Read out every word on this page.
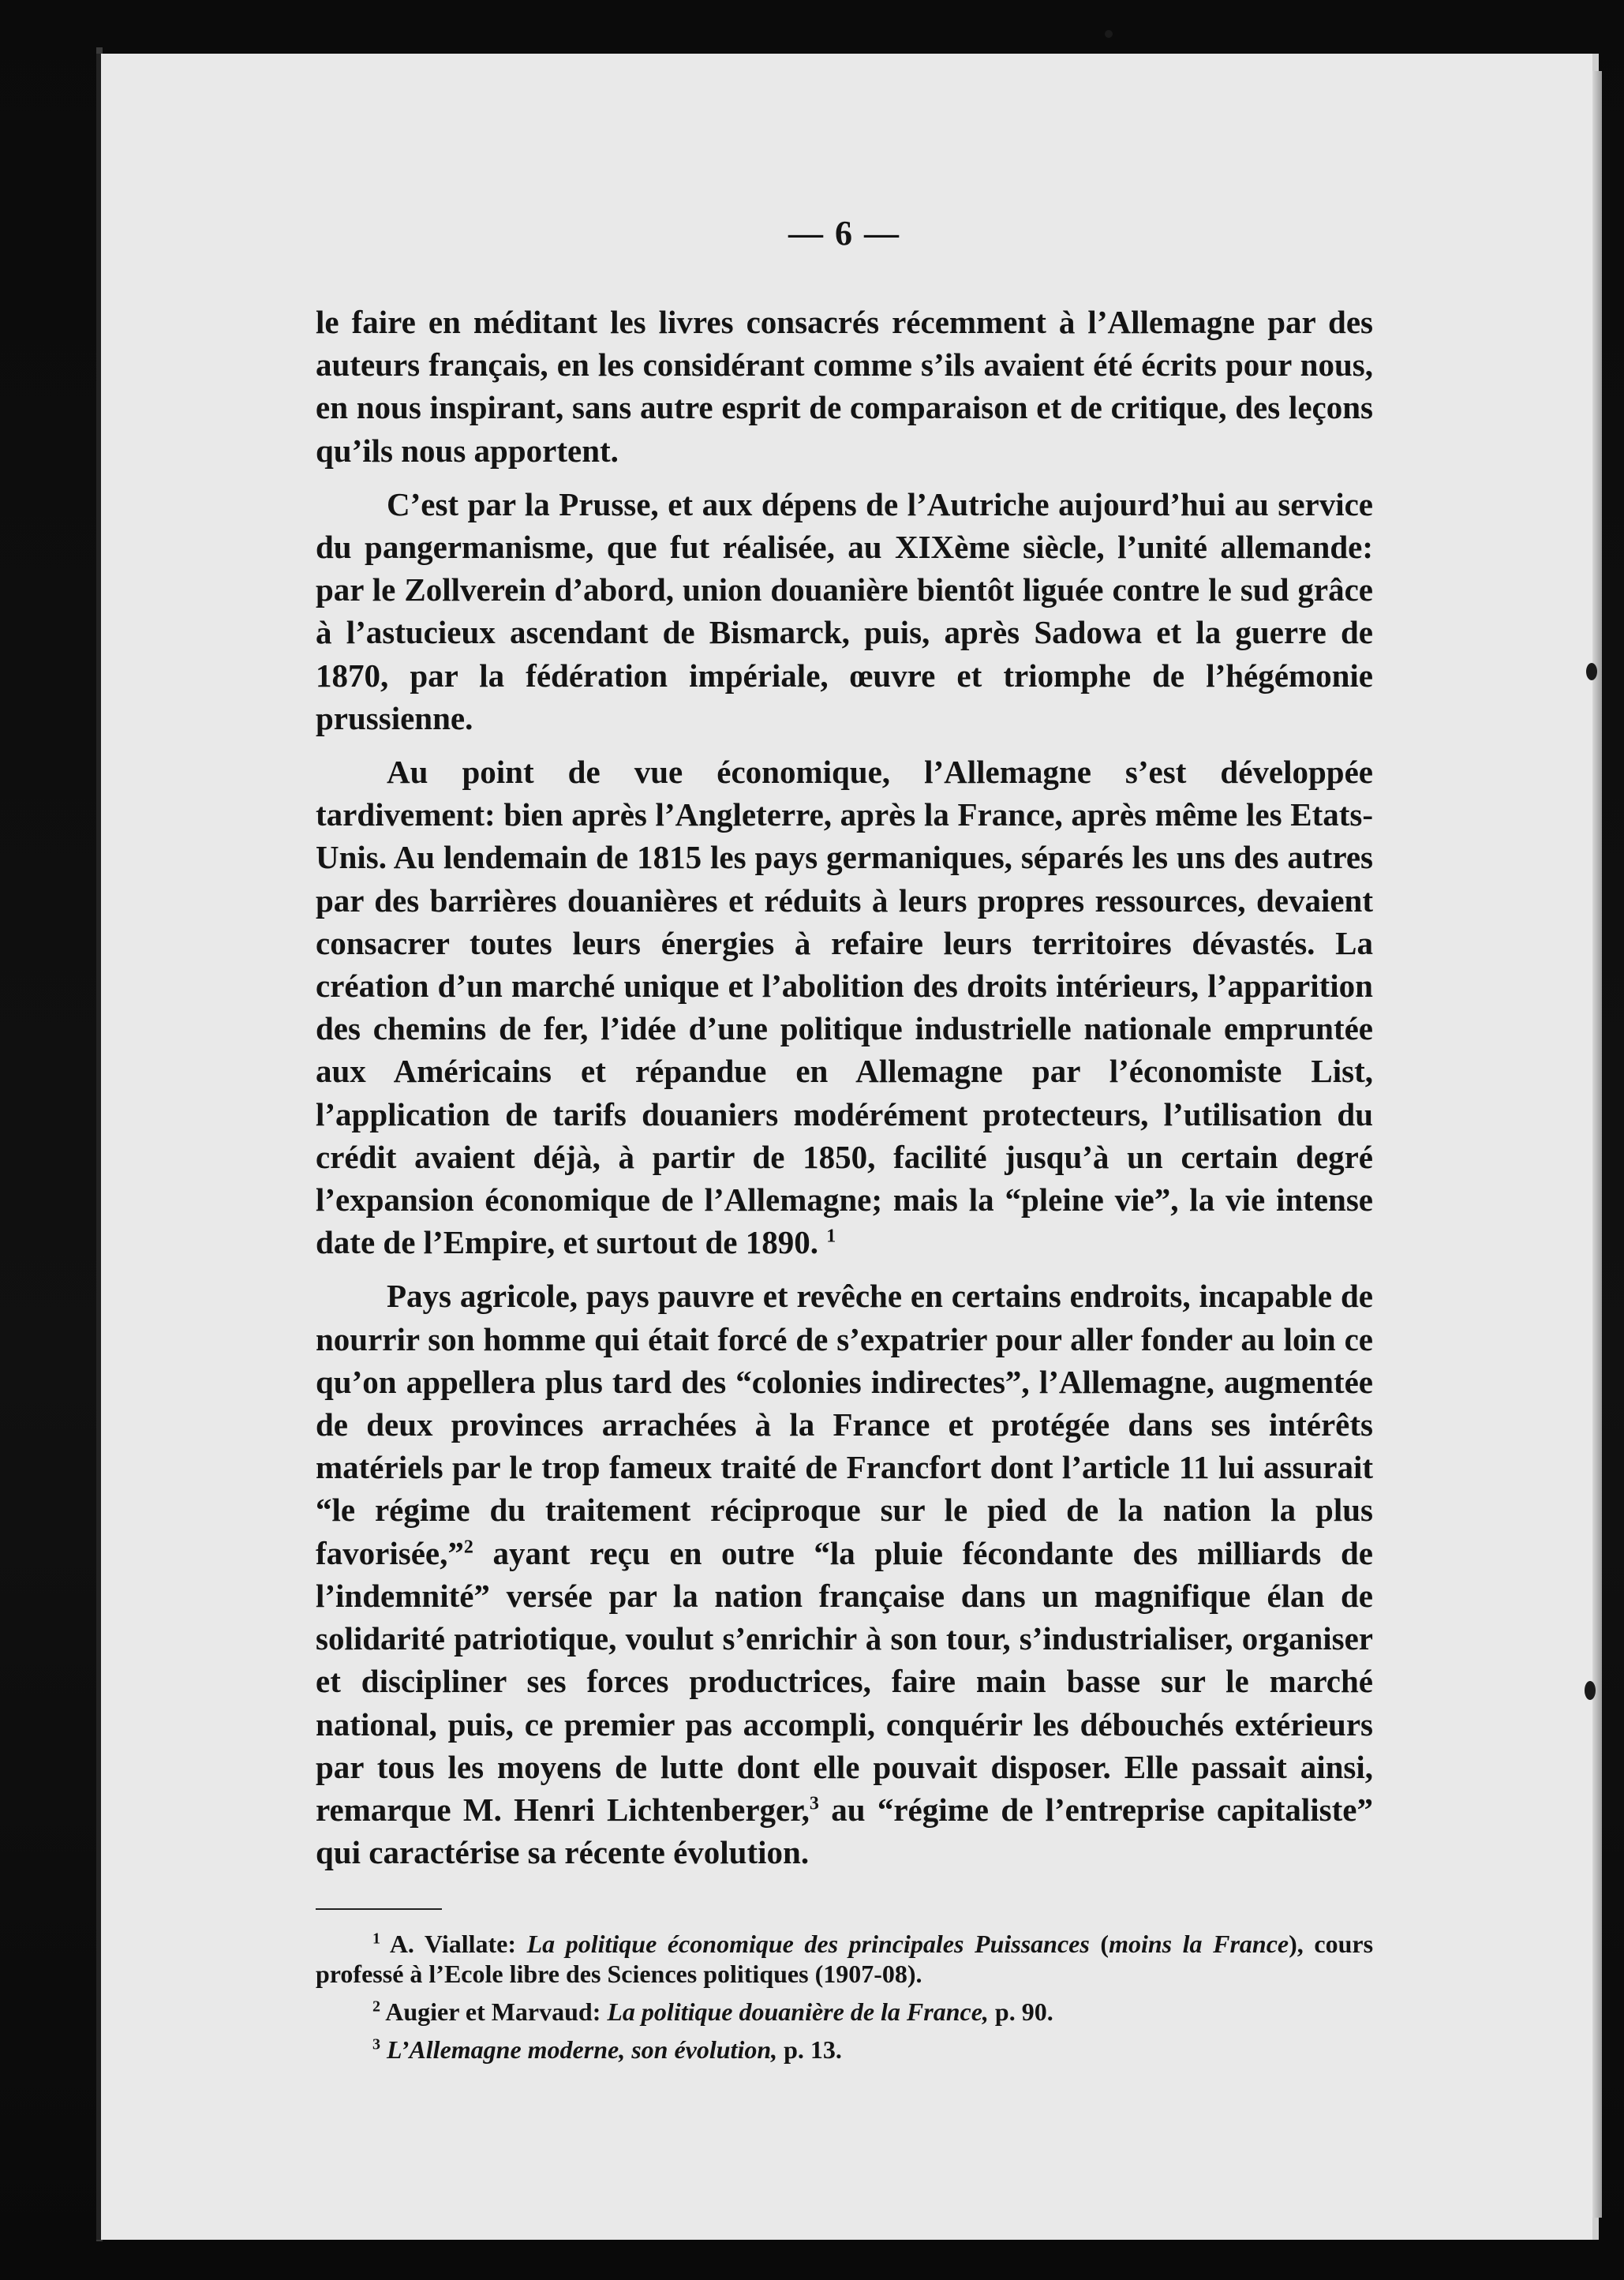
— 6 —

le faire en méditant les livres consacrés récemment à l’Allemagne par des auteurs français, en les considérant comme s’ils avaient été écrits pour nous, en nous inspirant, sans autre esprit de comparaison et de critique, des leçons qu’ils nous apportent.

C’est par la Prusse, et aux dépens de l’Autriche aujourd’hui au service du pangermanisme, que fut réalisée, au XIXème siècle, l’unité allemande: par le Zollverein d’abord, union douanière bientôt liguée contre le sud grâce à l’astucieux ascendant de Bismarck, puis, après Sadowa et la guerre de 1870, par la fédération impériale, œuvre et triomphe de l’hégémonie prussienne.

Au point de vue économique, l’Allemagne s’est développée tardivement: bien après l’Angleterre, après la France, après même les Etats-Unis. Au lendemain de 1815 les pays germaniques, séparés les uns des autres par des barrières douanières et réduits à leurs propres ressources, devaient consacrer toutes leurs énergies à refaire leurs territoires dévastés. La création d’un marché unique et l’abolition des droits intérieurs, l’apparition des chemins de fer, l’idée d’une politique industrielle nationale empruntée aux Américains et répandue en Allemagne par l’économiste List, l’application de tarifs douaniers modérément protecteurs, l’utilisation du crédit avaient déjà, à partir de 1850, facilité jusqu’à un certain degré l’expansion économique de l’Allemagne; mais la “pleine vie”, la vie intense date de l’Empire, et surtout de 1890. $^1$

Pays agricole, pays pauvre et revêche en certains endroits, incapable de nourrir son homme qui était forcé de s’expatrier pour aller fonder au loin ce qu’on appellera plus tard des “colonies indirectes”, l’Allemagne, augmentée de deux provinces arrachées à la France et protégée dans ses intérêts matériels par le trop fameux traité de Francfort dont l’article 11 lui assurait “le régime du traitement réciproque sur le pied de la nation la plus favorisée,”$^2$ ayant reçu en outre “la pluie fécondante des milliards de l’indemnité” versée par la nation française dans un magnifique élan de solidarité patriotique, voulut s’enrichir à son tour, s’industrialiser, organiser et discipliner ses forces productrices, faire main basse sur le marché national, puis, ce premier pas accompli, conquérir les débouchés extérieurs par tous les moyens de lutte dont elle pouvait disposer. Elle passait ainsi, remarque M. Henri Lichtenberger,$^3$ au “régime de l’entreprise capitaliste” qui caractérise sa récente évolution.

$^1$ A. Viallate: La politique économique des principales Puissances (moins la France), cours professé à l’Ecole libre des Sciences politiques (1907-08).

$^2$ Augier et Marvaud: La politique douanière de la France, p. 90.

$^3$ L’Allemagne moderne, son évolution, p. 13.
